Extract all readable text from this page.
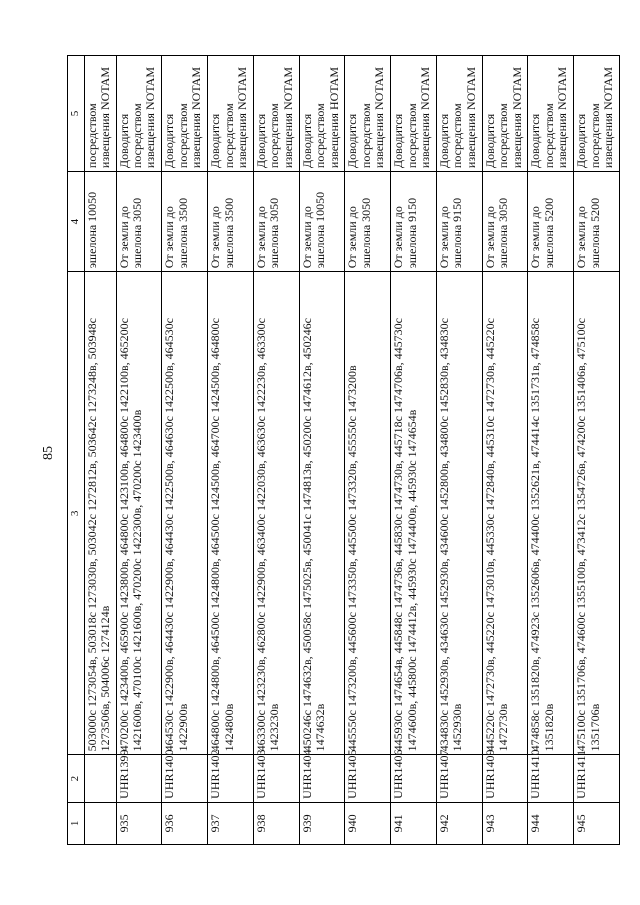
85
1	2	3	4	5
		503000с 1273054в, 503018с 1273030в, 503042с 1272812в, 503642с 1273248в, 503948с 1273506в, 504006с 1274124в	эшелона 10050	посредством извещения NOTAM
935	UHR1399	470200с 1423400в, 465900с 1423800в, 464800с 1423100в, 464800с 1422100в, 465200с 1421600в, 470100с 1421600в, 470200с 1422300в, 470200с 1423400в	От земли до эшелона 3050	Доводится посредством извещения NOTAM
936	UHR1400	464530с 1422900в, 464430с 1422900в, 464430с 1422500в, 464630с 1422500в, 464530с 1422900в	От земли до эшелона 3500	Доводится посредством извещения NOTAM
937	UHR1402	464800с 1424800в, 464500с 1424800в, 464500с 1424500в, 464700с 1424500в, 464800с 1424800в	От земли до эшелона 3500	Доводится посредством извещения NOTAM
938	UHR1403	463300с 1423230в, 462800с 1422900в, 463400с 1422030в, 463630с 1422230в, 463300с 1423230в	От земли до эшелона 3050	Доводится посредством извещения NOTAM
939	UHR1404	450246с 1474632в, 450058с 1475025в, 450041с 1474813в, 450200с 1474612в, 450246с 1474632в	От земли до эшелона 10050	Доводится посредством извещения HOTAM
940	UHR1405	445550с 1473200в, 445600с 1473350в, 445500с 1473320в, 455550с 1473200в	От земли до эшелона 3050	Доводится посредством извещения NOTAM
941	UHR1406	445930с 1474654в, 445848с 1474736в, 445830с 1474730в, 445718с 1474706в, 445730с 1474600в, 445800с 1474412в, 445930с 1474400в, 445930с 1474654в	От земли до эшелона 9150	Доводится посредством извещения NOTAM
942	UHR1407	434830с 1452930в, 434630с 1452930в, 434600с 1452800в, 434800с 1452830в, 434830с 1452930в	От земли до эшелона 9150	Доводится посредством извещения NOTAM
943	UHR1409	445220с 1472730в, 445220с 1473010в, 445330с 1472840в, 445310с 1472730в, 445220с 1472730в	От земли до эшелона 3050	Доводится посредством извещения NOTAM
944	UHR1410	474858с 1351820в, 474923с 1352606в, 474400с 1352621в, 474414с 1351731в, 474858с 1351820в	От земли до эшелона 5200	Доводится посредством извещения NOTAM
945	UHR1411	475100с 1351706в, 474600с 1355100в, 473412с 1354726в, 474200с 1351406в, 475100с 1351706в	От земли до эшелона 5200	Доводится посредством извещения NOTAM
